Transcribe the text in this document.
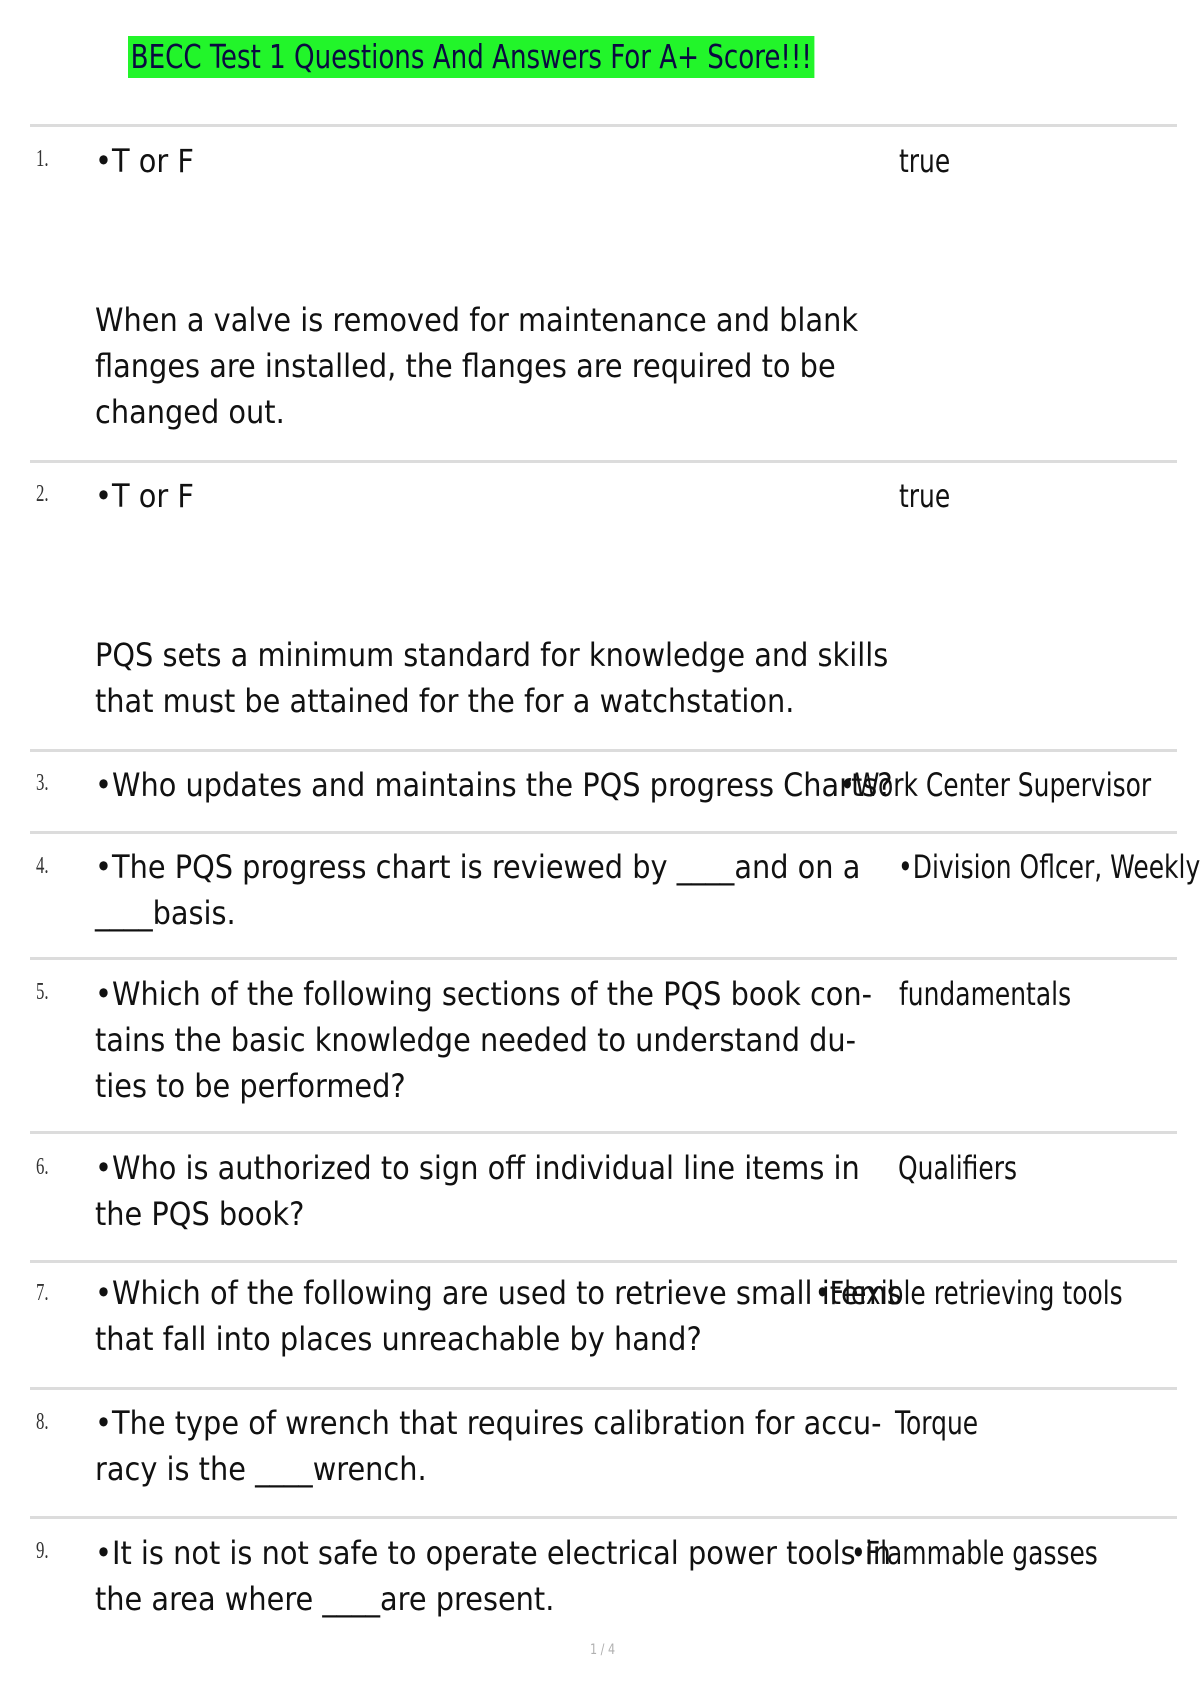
BECC Test 1 Questions And Answers For A+ Score!!!
1. •T or F
When a valve is removed for maintenance and blank
flanges are installed, the flanges are required to be
changed out.
true
2. •T or F
PQS sets a minimum standard for knowledge and skills
that must be attained for the for a watchstation.
true
3. •Who updates and maintains the PQS progress Charts?
•Work Center Supervisor
4. •The PQS progress chart is reviewed by ____and on a
____basis.
•Division Oflcer, Weekly
5. •Which of the following sections of the PQS book con-
tains the basic knowledge needed to understand du-
ties to be performed?
fundamentals
6. •Who is authorized to sign off individual line items in
the PQS book?
Qualifiers
7. •Which of the following are used to retrieve small items
that fall into places unreachable by hand?
•Flexible retrieving tools
8. •The type of wrench that requires calibration for accu-
racy is the ____wrench.
Torque
9. •It is not is not safe to operate electrical power tools in
the area where ____are present.
•Flammable gasses
1 / 4
